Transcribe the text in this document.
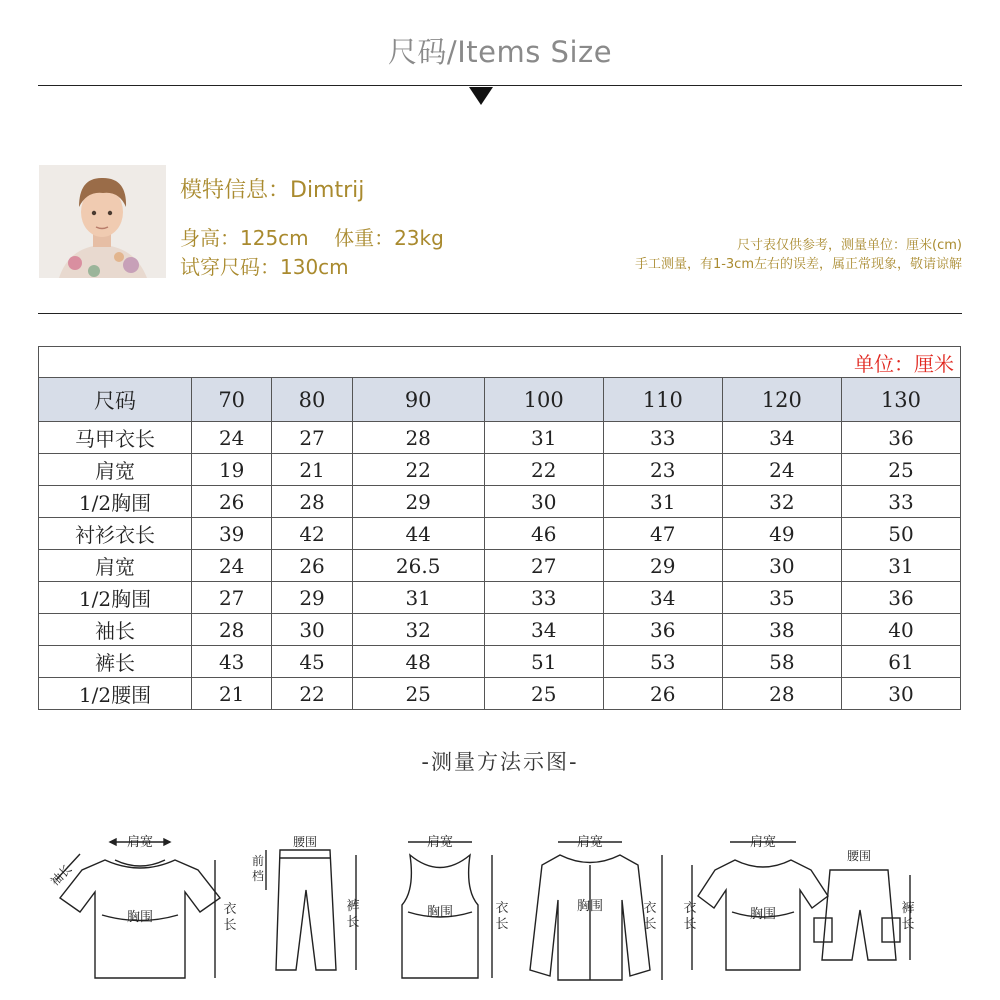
尺码/Items Size
模特信息：Dimtrij
身高：125cm    体重：23kg
试穿尺码：130cm
尺寸表仅供参考，测量单位：厘米(cm)
手工测量，有1-3cm左右的误差，属正常现象，敬请谅解
单位：厘米							
尺码	70	80	90	100	110	120	130
马甲衣长	24	27	28	31	33	34	36
肩宽	19	21	22	22	23	24	25
1/2胸围	26	28	29	30	31	32	33
衬衫衣长	39	42	44	46	47	49	50
肩宽	24	26	26.5	27	29	30	31
1/2胸围	27	29	31	33	34	35	36
袖长	28	30	32	34	36	38	40
裤长	43	45	48	51	53	58	61
1/2腰围	21	22	25	25	26	28	30
-测量方法示图-
肩宽
袖长
胸围
衣
长
腰围
前
档
裤
长
肩宽
胸围	衣
长
肩宽
胸围	衣
长
肩宽
胸围
衣
长
腰围
裤
长
